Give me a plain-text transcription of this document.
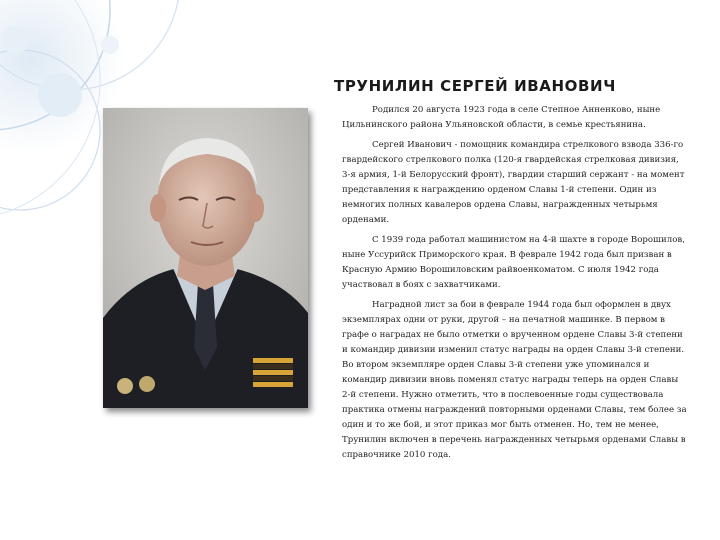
ТРУНИЛИН СЕРГЕЙ ИВАНОВИЧ

Родился 20 августа 1923 года в селе Степное Анненково, ныне Цильнинского района Ульяновской области, в семье крестьянина.

Сергей Иванович - помощник командира стрелкового взвода 336-го гвардейского стрелкового полка (120-я гвардейская стрелковая дивизия, 3-я армия, 1-й Белорусский фронт), гвардии старший сержант - на момент представления к награждению орденом Славы 1-й степени. Один из немногих полных кавалеров ордена Славы, награжденных четырьмя орденами.

С 1939 года работал машинистом на 4-й шахте в городе Ворошилов, ныне Уссурийск Приморского края. В феврале 1942 года был призван в Красную Армию Ворошиловским райвоенкоматом. С июля 1942 года участвовал в боях с захватчиками.

Наградной лист за бои в феврале 1944 года был оформлен в двух экземплярах одни от руки, другой – на печатной машинке. В первом в графе о наградах не было отметки о врученном ордене Славы 3-й степени и командир дивизии изменил статус награды на орден Славы 3-й степени. Во втором экземпляре орден Славы 3-й степени уже упоминался и командир дивизии вновь поменял статус награды теперь на орден Славы 2-й степени. Нужно отметить, что в послевоенные годы существовала практика отмены награждений повторными орденами Славы, тем более за один и то же бой, и этот приказ мог быть отменен. Но, тем не менее, Трунилин включен в перечень награжденных четырьмя орденами Славы в справочнике 2010 года.
